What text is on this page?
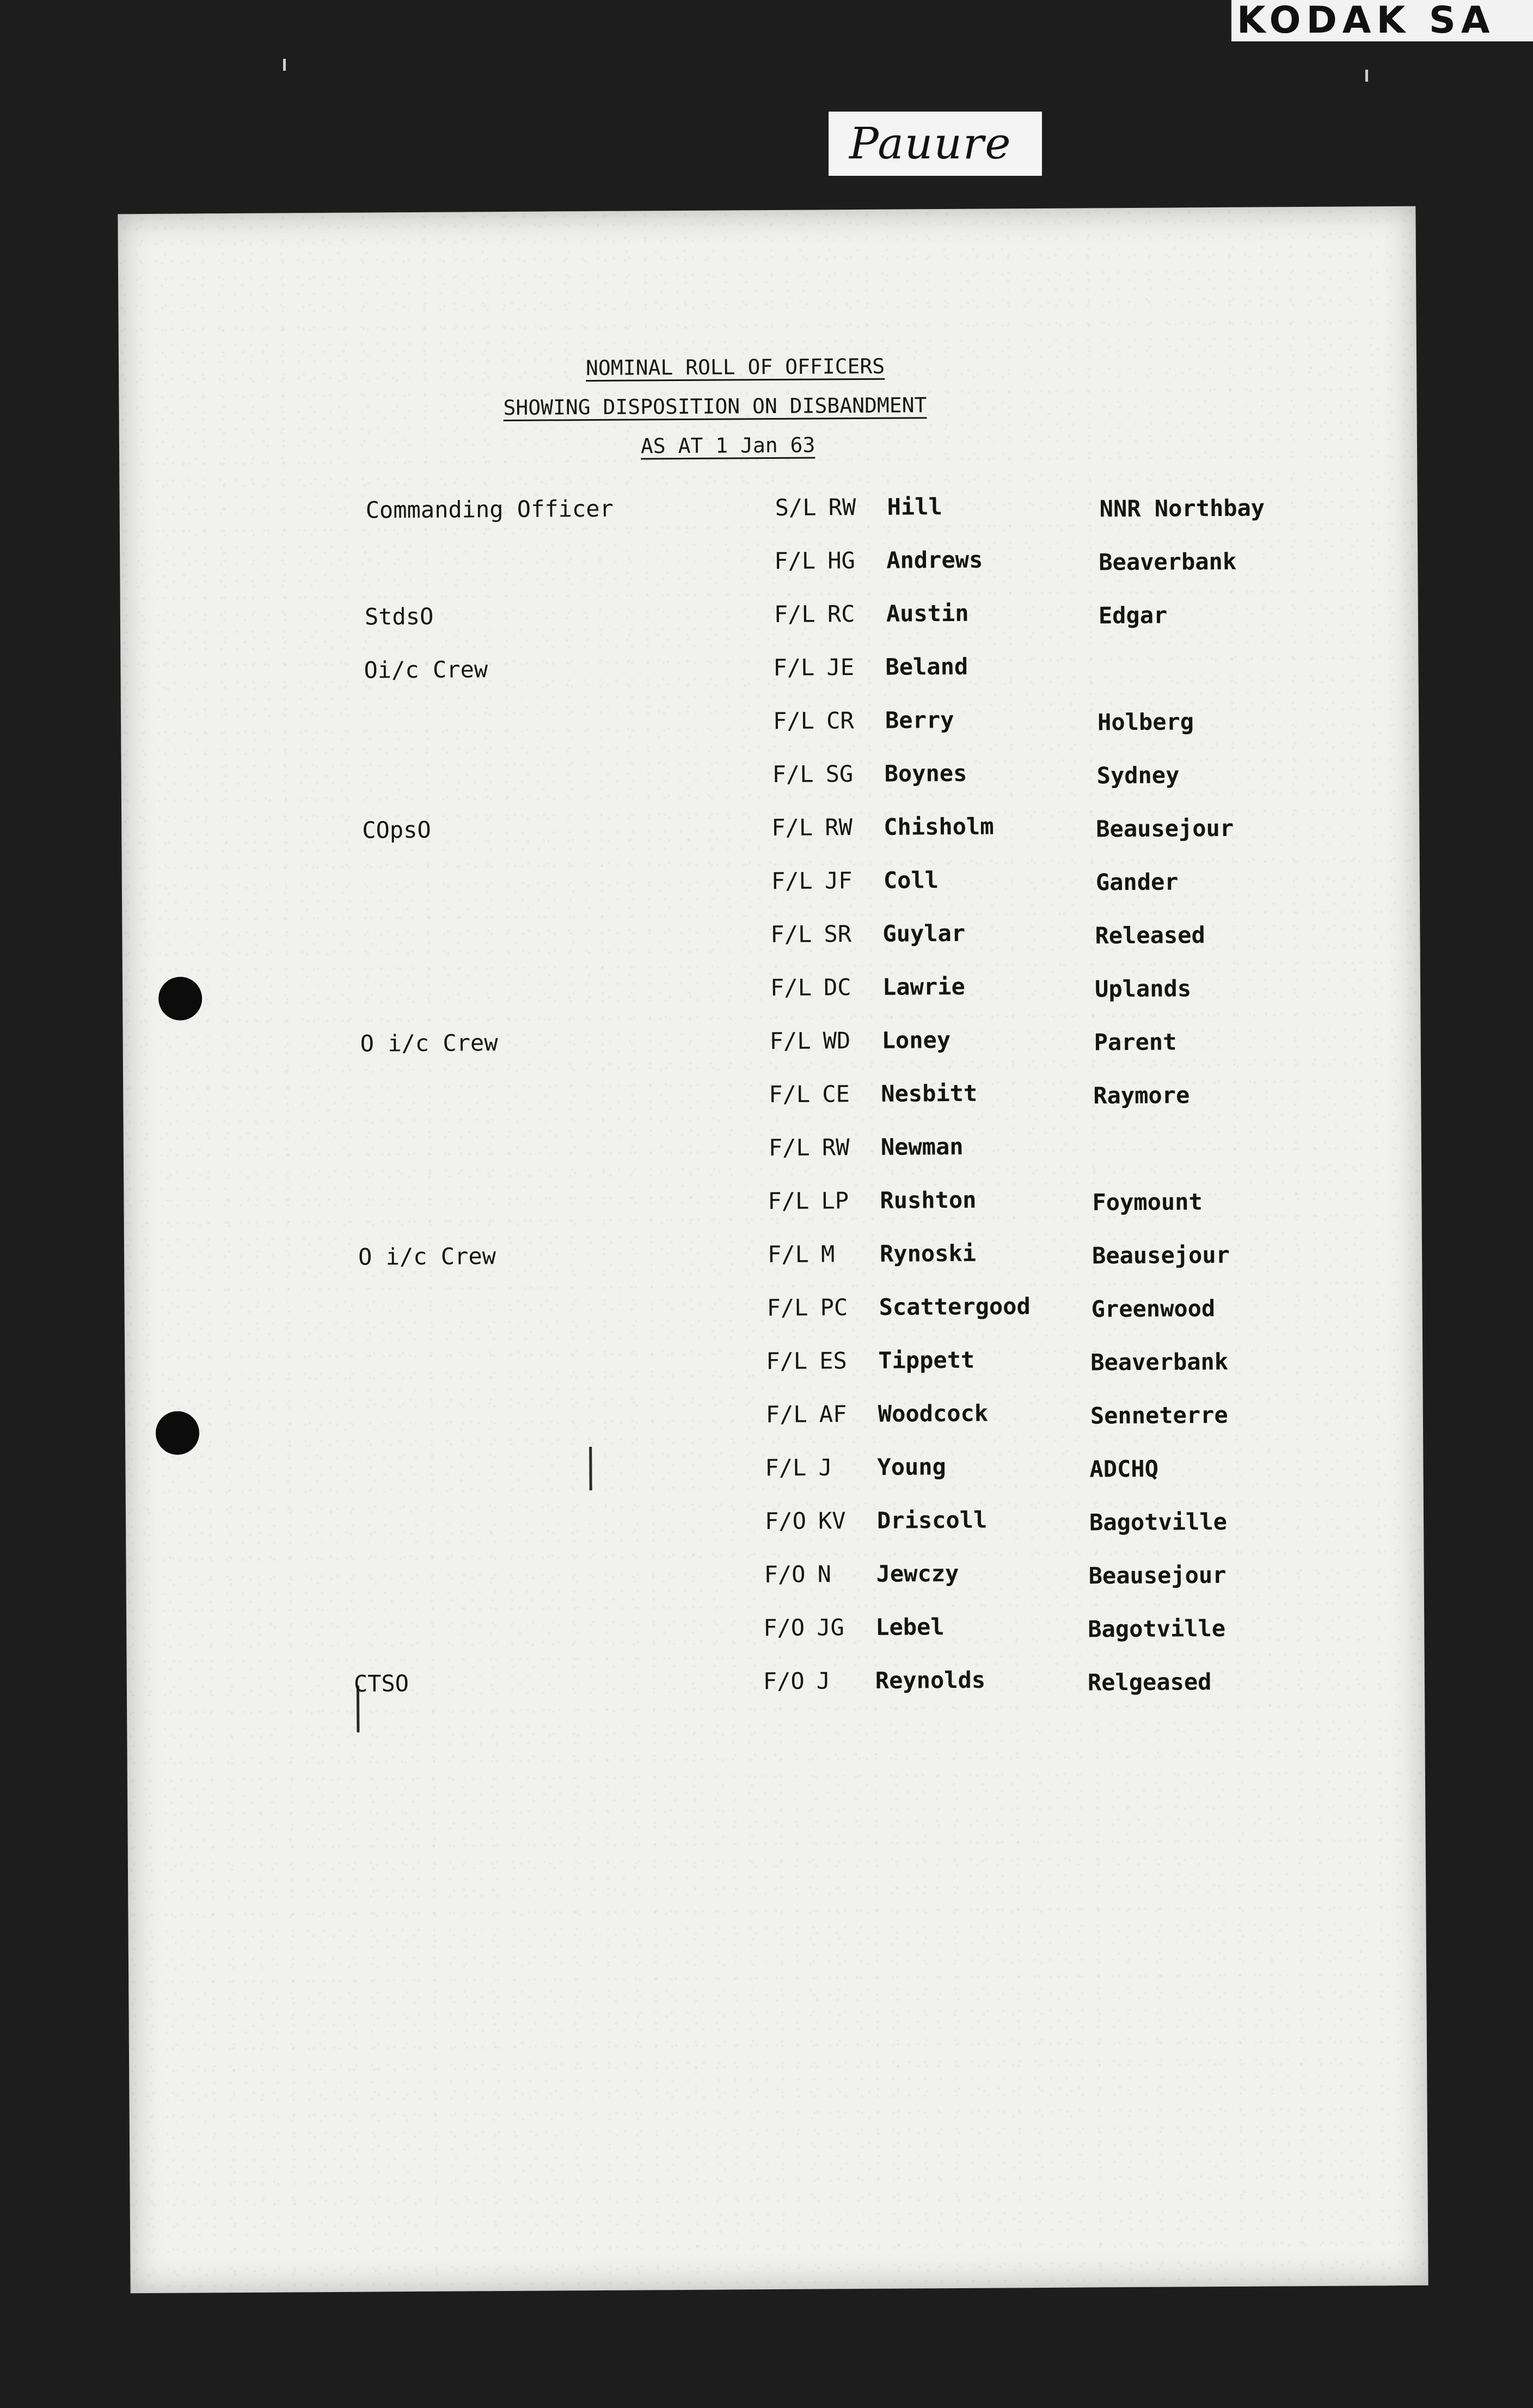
KODAK SA
Pauure
NOMINAL ROLL OF OFFICERS
SHOWING DISPOSITION ON DISBANDMENT
AS AT 1 Jan 63
Commanding Officer	S/L RW Hill	NNR Northbay
F/L HG Andrews	Beaverbank
StdsO	F/L RC Austin	Edgar
Oi/c Crew	F/L JE Beland
F/L CR Berry	Holberg
F/L SG Boynes	Sydney
COpsO	F/L RW Chisholm	Beausejour
F/L JF Coll	Gander
F/L SR Guylar	Released
F/L DC Lawrie	Uplands
O i/c Crew	F/L WD Loney	Parent
F/L CE Nesbitt	Raymore
F/L RW Newman
F/L LP Rushton	Foymount
O i/c Crew	F/L M Rynoski	Beausejour
F/L PC Scattergood	Greenwood
F/L ES Tippett	Beaverbank
F/L AF Woodcock	Senneterre
F/L J Young	ADCHQ
F/O KV Driscoll	Bagotville
F/O N Jewczy	Beausejour
F/O JG Lebel	Bagotville
CTSO	F/O J Reynolds	Relgeased
